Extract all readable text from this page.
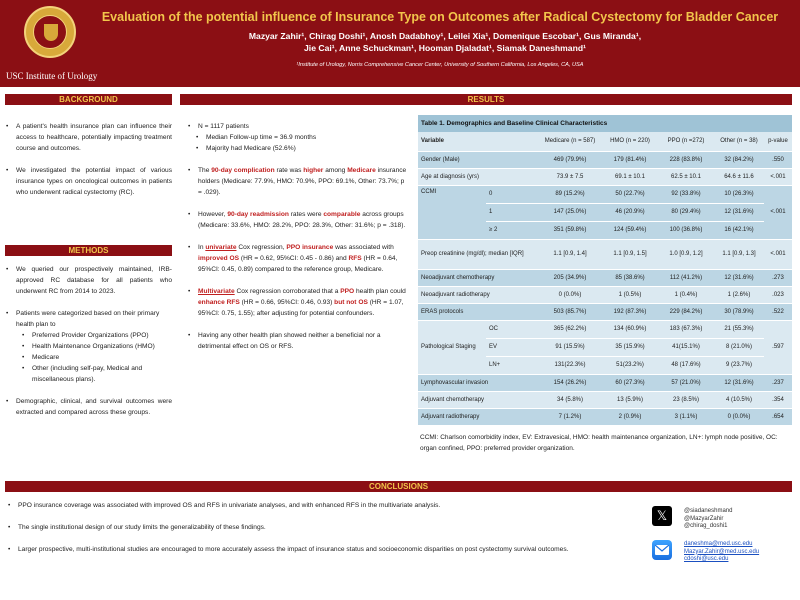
USC Institute of Urology
Evaluation of the potential influence of Insurance Type on Outcomes after Radical Cystectomy for Bladder Cancer
Mazyar Zahir¹, Chirag Doshi¹, Anosh Dadabhoy¹, Leilei Xia¹, Domenique Escobar¹, Gus Miranda¹,
Jie Cai¹, Anne Schuckman¹, Hooman Djaladat¹, Siamak Daneshmand¹
¹Institute of Urology, Norris Comprehensive Cancer Center, University of Southern California, Los Angeles, CA, USA
BACKGROUND
•	A patient's health insurance plan can influence their access to healthcare, potentially impacting treatment course and outcomes.
•	We investigated the potential impact of various insurance types on oncological outcomes in patients who underwent radical cystectomy (RC).
METHODS
•	We queried our prospectively maintained, IRB-approved RC database for all patients who underwent RC from 2014 to 2023.
•	Patients were categorized based on their primary health plan to
•	Preferred Provider Organizations (PPO)
•	Health Maintenance Organizations (HMO)
•	Medicare
•	Other (including self-pay, Medical and miscellaneous plans).
•	Demographic, clinical, and survival outcomes were extracted and compared across these groups.
RESULTS
•	N = 1117 patients
•	Median Follow-up time = 36.9 months
•	Majority had Medicare (52.6%)
•	The 90-day complication rate was higher among Medicare insurance holders (Medicare: 77.9%, HMO: 70.9%, PPO: 69.1%, Other: 73.7%; p = .029).
•	However, 90-day readmission rates were comparable across groups (Medicare: 33.6%, HMO: 28.2%, PPO: 28.3%, Other: 31.6%; p = .318).
•	In univariate Cox regression, PPO insurance was associated with improved OS (HR = 0.62, 95%CI: 0.45 - 0.86) and RFS (HR = 0.64, 95%CI: 0.45, 0.89) compared to the reference group, Medicare.
•	Multivariate Cox regression corroborated that a PPO health plan could enhance RFS (HR = 0.66, 95%CI: 0.46, 0.93) but not OS (HR = 1.07, 95%CI: 0.75, 1.55); after adjusting for potential confounders.
•	Having any other health plan showed neither a beneficial nor a detrimental effect on OS or RFS.
Table 1. Demographics and Baseline Clinical Characteristics
Variable		Medicare (n = 587)	HMO (n = 220)	PPO (n =272)	Other (n = 38)	p-value
Gender (Male)		469 (79.9%)	179 (81.4%)	228 (83.8%)	32 (84.2%)	.550
Age at diagnosis (yrs)		73.9 ± 7.5	69.1 ± 10.1	62.5 ± 10.1	64.6 ± 11.6	<.001
CCMI	0	89 (15.2%)	50 (22.7%)	92 (33.8%)	10 (26.3%)	<.001
	1	147 (25.0%)	46 (20.9%)	80 (29.4%)	12 (31.6%)	
	≥ 2	351 (59.8%)	124 (59.4%)	100 (36.8%)	16 (42.1%)	
Preop creatinine (mg/dl); median [IQR]		1.1 [0.9, 1.4]	1.1 [0.9, 1.5]	1.0 [0.9, 1.2]	1.1 [0.9, 1.3]	<.001
Neoadjuvant chemotherapy		205 (34.9%)	85 (38.6%)	112 (41.2%)	12 (31.6%)	.273
Neoadjuvant radiotherapy		0 (0.0%)	1 (0.5%)	1 (0.4%)	1 (2.6%)	.023
ERAS protocols		503 (85.7%)	192 (87.3%)	229 (84.2%)	30 (78.9%)	.522
Pathological Staging	OC	365 (62.2%)	134 (60.9%)	183 (67.3%)	21 (55.3%)	.597
	EV	91 (15.5%)	35 (15.9%)	41(15.1%)	8 (21.0%)	
	LN+	131(22.3%)	51(23.2%)	48 (17.6%)	9 (23.7%)	
Lymphovascular invasion		154 (26.2%)	60 (27.3%)	57 (21.0%)	12 (31.6%)	.237
Adjuvant chemotherapy		34 (5.8%)	13 (5.9%)	23 (8.5%)	4 (10.5%)	.354
Adjuvant radiotherapy		7 (1.2%)	2 (0.9%)	3 (1.1%)	0 (0.0%)	.654
CCMI: Charlson comorbidity index, EV: Extravesical, HMO: health maintenance organization, LN+: lymph node positive, OC: organ confined, PPO: preferred provider organization.
CONCLUSIONS
•	PPO insurance coverage was associated with improved OS and RFS in univariate analyses, and with enhanced RFS in the multivariate analysis.
•	The single institutional design of our study limits the generalizability of these findings.
•	Larger prospective, multi-institutional studies are encouraged to more accurately assess the impact of insurance status and socioeconomic disparities on post cystectomy survival outcomes.
𝕏	@siadaneshmand
@MazyarZahir
@chirag_doshi1
daneshma@med.usc.edu
Mazyar.Zahir@med.usc.edu
cdoshi@usc.edu
